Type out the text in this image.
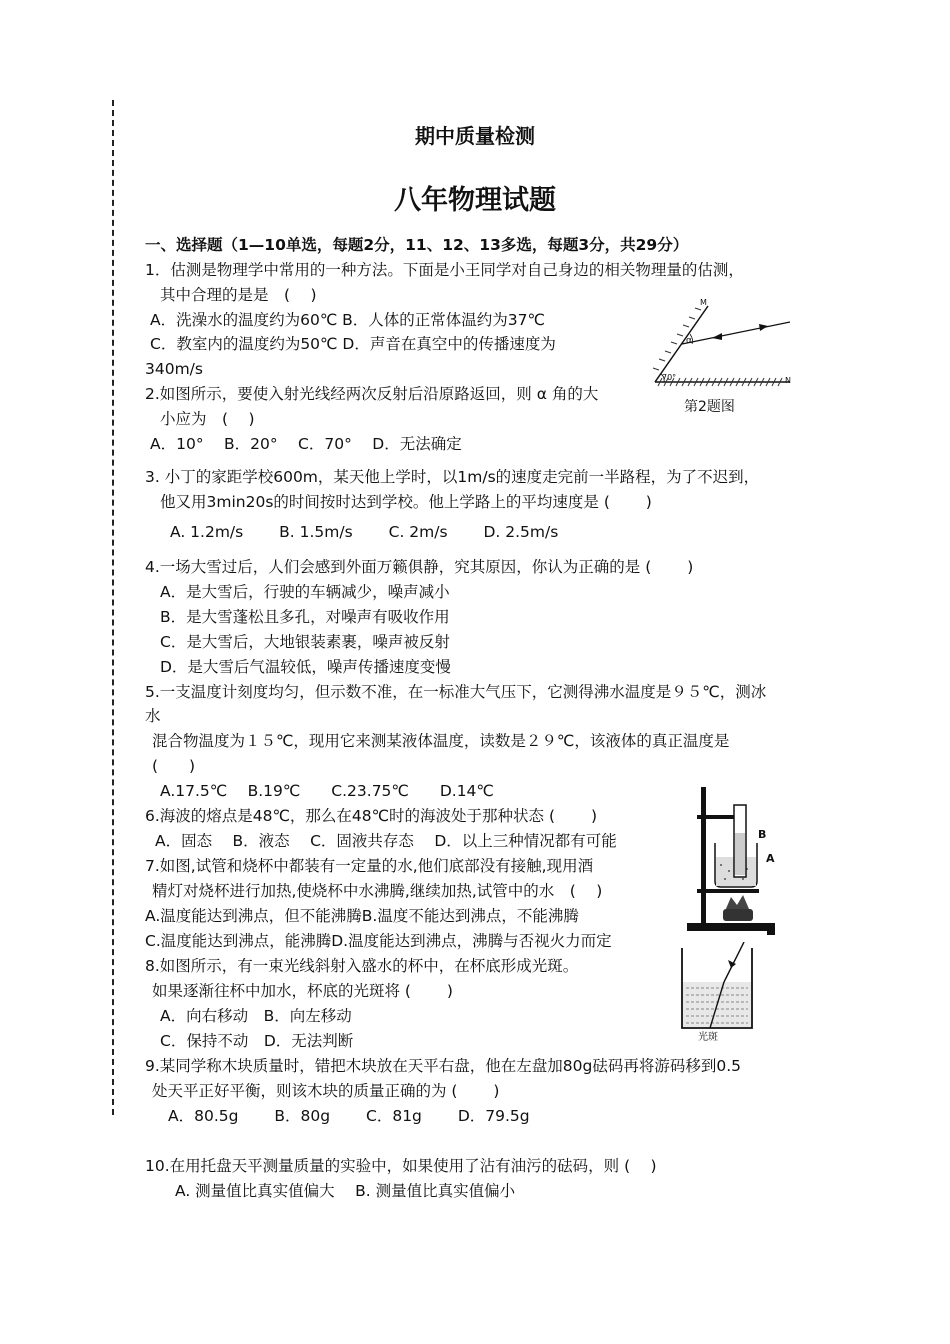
期中质量检测
八年物理试题
一、选择题（1—10单选，每题2分，11、12、13多选，每题3分，共29分）
1．估测是物理学中常用的一种方法。下面是小王同学对自己身边的相关物理量的估测，
其中合理的是是　(　 )
A．洗澡水的温度约为60℃ B．人体的正常体温约为37℃
C．教室内的温度约为50℃ D．声音在真空中的传播速度为
340m/s
M
N
α
70°
第2题图
2.如图所示，要使入射光线经两次反射后沿原路返回，则 α 角的大
小应为　(　 )
A．10°　 B．20°　 C．70°　 D．无法确定
3. 小丁的家距学校600m，某天他上学时，以1m/s的速度走完前一半路程，为了不迟到，
他又用3min20s的时间按时达到学校。他上学路上的平均速度是 (　　 )
A. 1.2m/s　　 B. 1.5m/s　　 C. 2m/s　　 D. 2.5m/s
4.一场大雪过后，人们会感到外面万籁俱静，究其原因，你认为正确的是 (　　 )
A．是大雪后，行驶的车辆减少，噪声减小
B．是大雪蓬松且多孔，对噪声有吸收作用
C．是大雪后，大地银装素裹，噪声被反射
D．是大雪后气温较低，噪声传播速度变慢
5.一支温度计刻度均匀，但示数不准，在一标准大气压下，它测得沸水温度是９５℃，测冰
水
混合物温度为１５℃，现用它来测某液体温度，读数是２９℃，该液体的真正温度是
(　　)
A.17.5℃　 B.19℃　　C.23.75℃　　D.14℃
B
A
6.海波的熔点是48℃，那么在48℃时的海波处于那种状态 (　　 )
A．固态　 B．液态　 C．固液共存态　 D．以上三种情况都有可能
7.如图,试管和烧杯中都装有一定量的水,他们底部没有接触,现用酒
精灯对烧杯进行加热,使烧杯中水沸腾,继续加热,试管中的水　(　 )
A.温度能达到沸点，但不能沸腾B.温度不能达到沸点，不能沸腾
C.温度能达到沸点，能沸腾D.温度能达到沸点，沸腾与否视火力而定
光斑
8.如图所示，有一束光线斜射入盛水的杯中，在杯底形成光斑。
如果逐渐往杯中加水，杯底的光斑将 (　　 )
A．向右移动　B．向左移动
C．保持不动　D．无法判断
9.某同学称木块质量时，错把木块放在天平右盘，他在左盘加80g砝码再将游码移到0.5
处天平正好平衡，则该木块的质量正确的为 (　　 )
A．80.5g　　 B．80g　　 C．81g　　 D．79.5g
10.在用托盘天平测量质量的实验中，如果使用了沾有油污的砝码，则 (　 )
A. 测量值比真实值偏大　 B. 测量值比真实值偏小
